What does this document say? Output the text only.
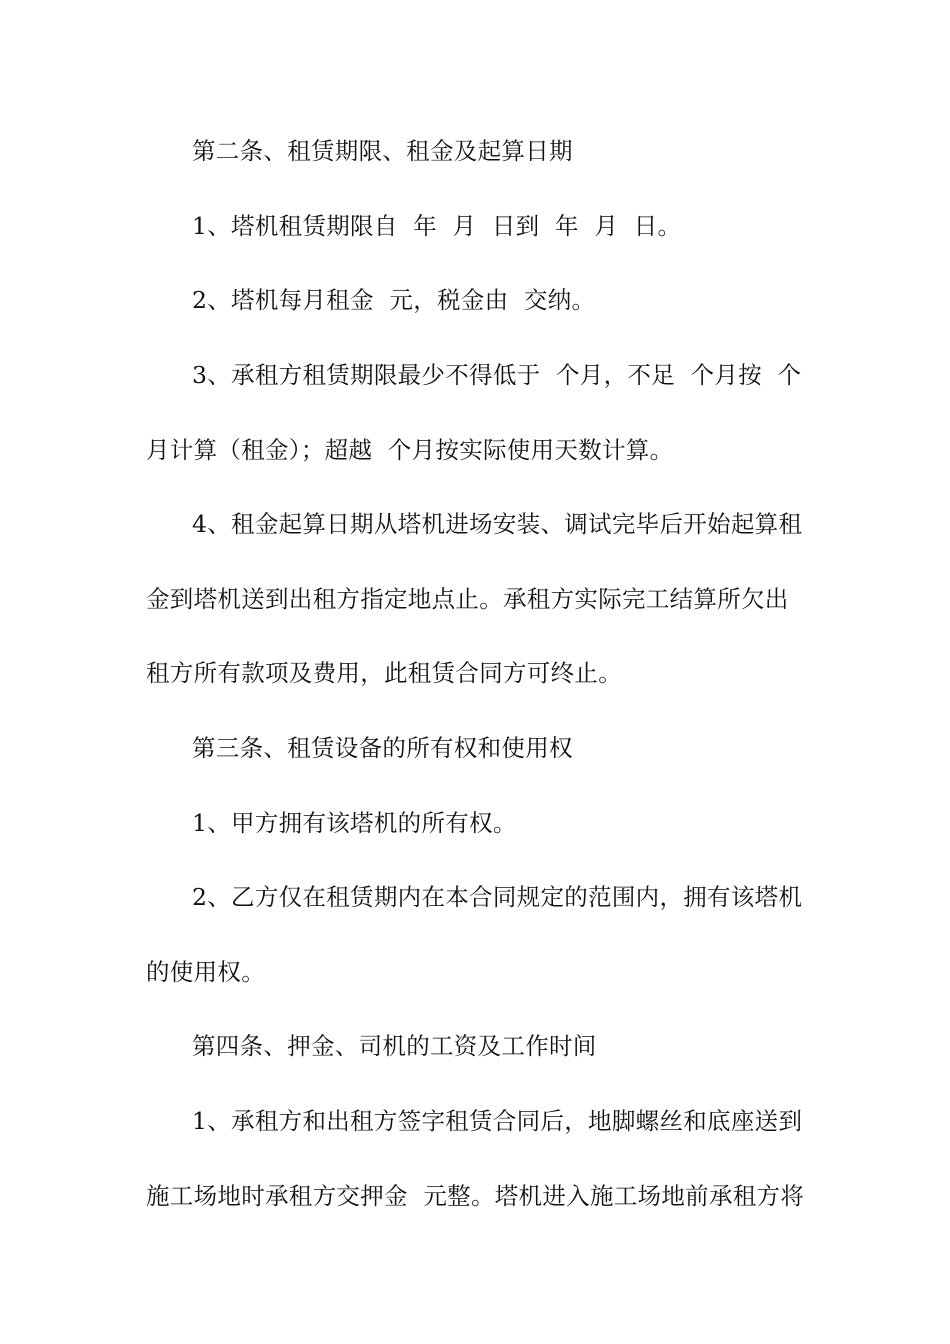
第二条、租赁期限、租金及起算日期
1、塔机租赁期限自  年  月  日到  年  月  日。
2、塔机每月租金  元，税金由  交纳。
3、承租方租赁期限最少不得低于  个月，不足  个月按  个
月计算（租金）；超越  个月按实际使用天数计算。
4、租金起算日期从塔机进场安装、调试完毕后开始起算租
金到塔机送到出租方指定地点止。承租方实际完工结算所欠出
租方所有款项及费用，此租赁合同方可终止。
第三条、租赁设备的所有权和使用权
1、甲方拥有该塔机的所有权。
2、乙方仅在租赁期内在本合同规定的范围内，拥有该塔机
的使用权。
第四条、押金、司机的工资及工作时间
1、承租方和出租方签字租赁合同后，地脚螺丝和底座送到
施工场地时承租方交押金  元整。塔机进入施工场地前承租方将
